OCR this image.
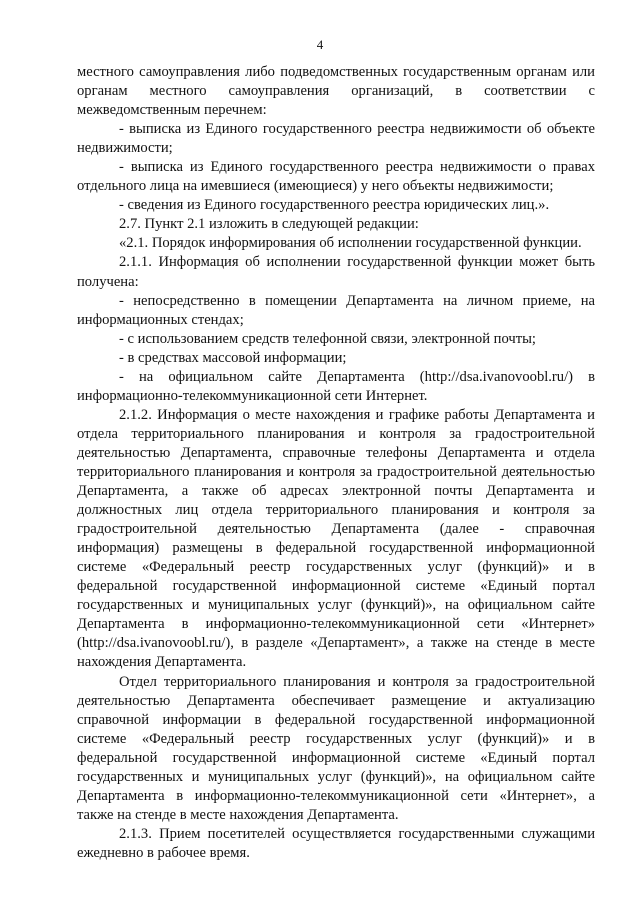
4

местного самоуправления либо подведомственных государственным органам или органам местного самоуправления организаций, в соответствии с межведомственным перечнем:

- выписка из Единого государственного реестра недвижимости об объекте недвижимости;

- выписка из Единого государственного реестра недвижимости о правах отдельного лица на имевшиеся (имеющиеся) у него объекты недвижимости;

- сведения из Единого государственного реестра юридических лиц.».

2.7. Пункт 2.1 изложить в следующей редакции:

«2.1. Порядок информирования об исполнении государственной функции.

2.1.1. Информация об исполнении государственной функции может быть получена:

- непосредственно в помещении Департамента на личном приеме, на информационных стендах;

- с использованием средств телефонной связи, электронной почты;

- в средствах массовой информации;

- на официальном сайте Департамента (http://dsa.ivanovoobl.ru/) в информационно-телекоммуникационной сети Интернет.

2.1.2. Информация о месте нахождения и графике работы Департамента и отдела территориального планирования и контроля за градостроительной деятельностью Департамента, справочные телефоны Департамента и отдела территориального планирования и контроля за градостроительной деятельностью Департамента, а также об адресах электронной почты Департамента и должностных лиц отдела территориального планирования и контроля за градостроительной деятельностью Департамента (далее - справочная информация) размещены в федеральной государственной информационной системе «Федеральный реестр государственных услуг (функций)» и в федеральной государственной информационной системе «Единый портал государственных и муниципальных услуг (функций)», на официальном сайте Департамента в информационно-телекоммуникационной сети «Интернет» (http://dsa.ivanovoobl.ru/), в разделе «Департамент», а также на стенде в месте нахождения Департамента.

Отдел территориального планирования и контроля за градостроительной деятельностью Департамента обеспечивает размещение и актуализацию справочной информации в федеральной государственной информационной системе «Федеральный реестр государственных услуг (функций)» и в федеральной государственной информационной системе «Единый портал государственных и муниципальных услуг (функций)», на официальном сайте Департамента в информационно-телекоммуникационной сети «Интернет», а также на стенде в месте нахождения Департамента.

2.1.3. Прием посетителей осуществляется государственными служащими ежедневно в рабочее время.
